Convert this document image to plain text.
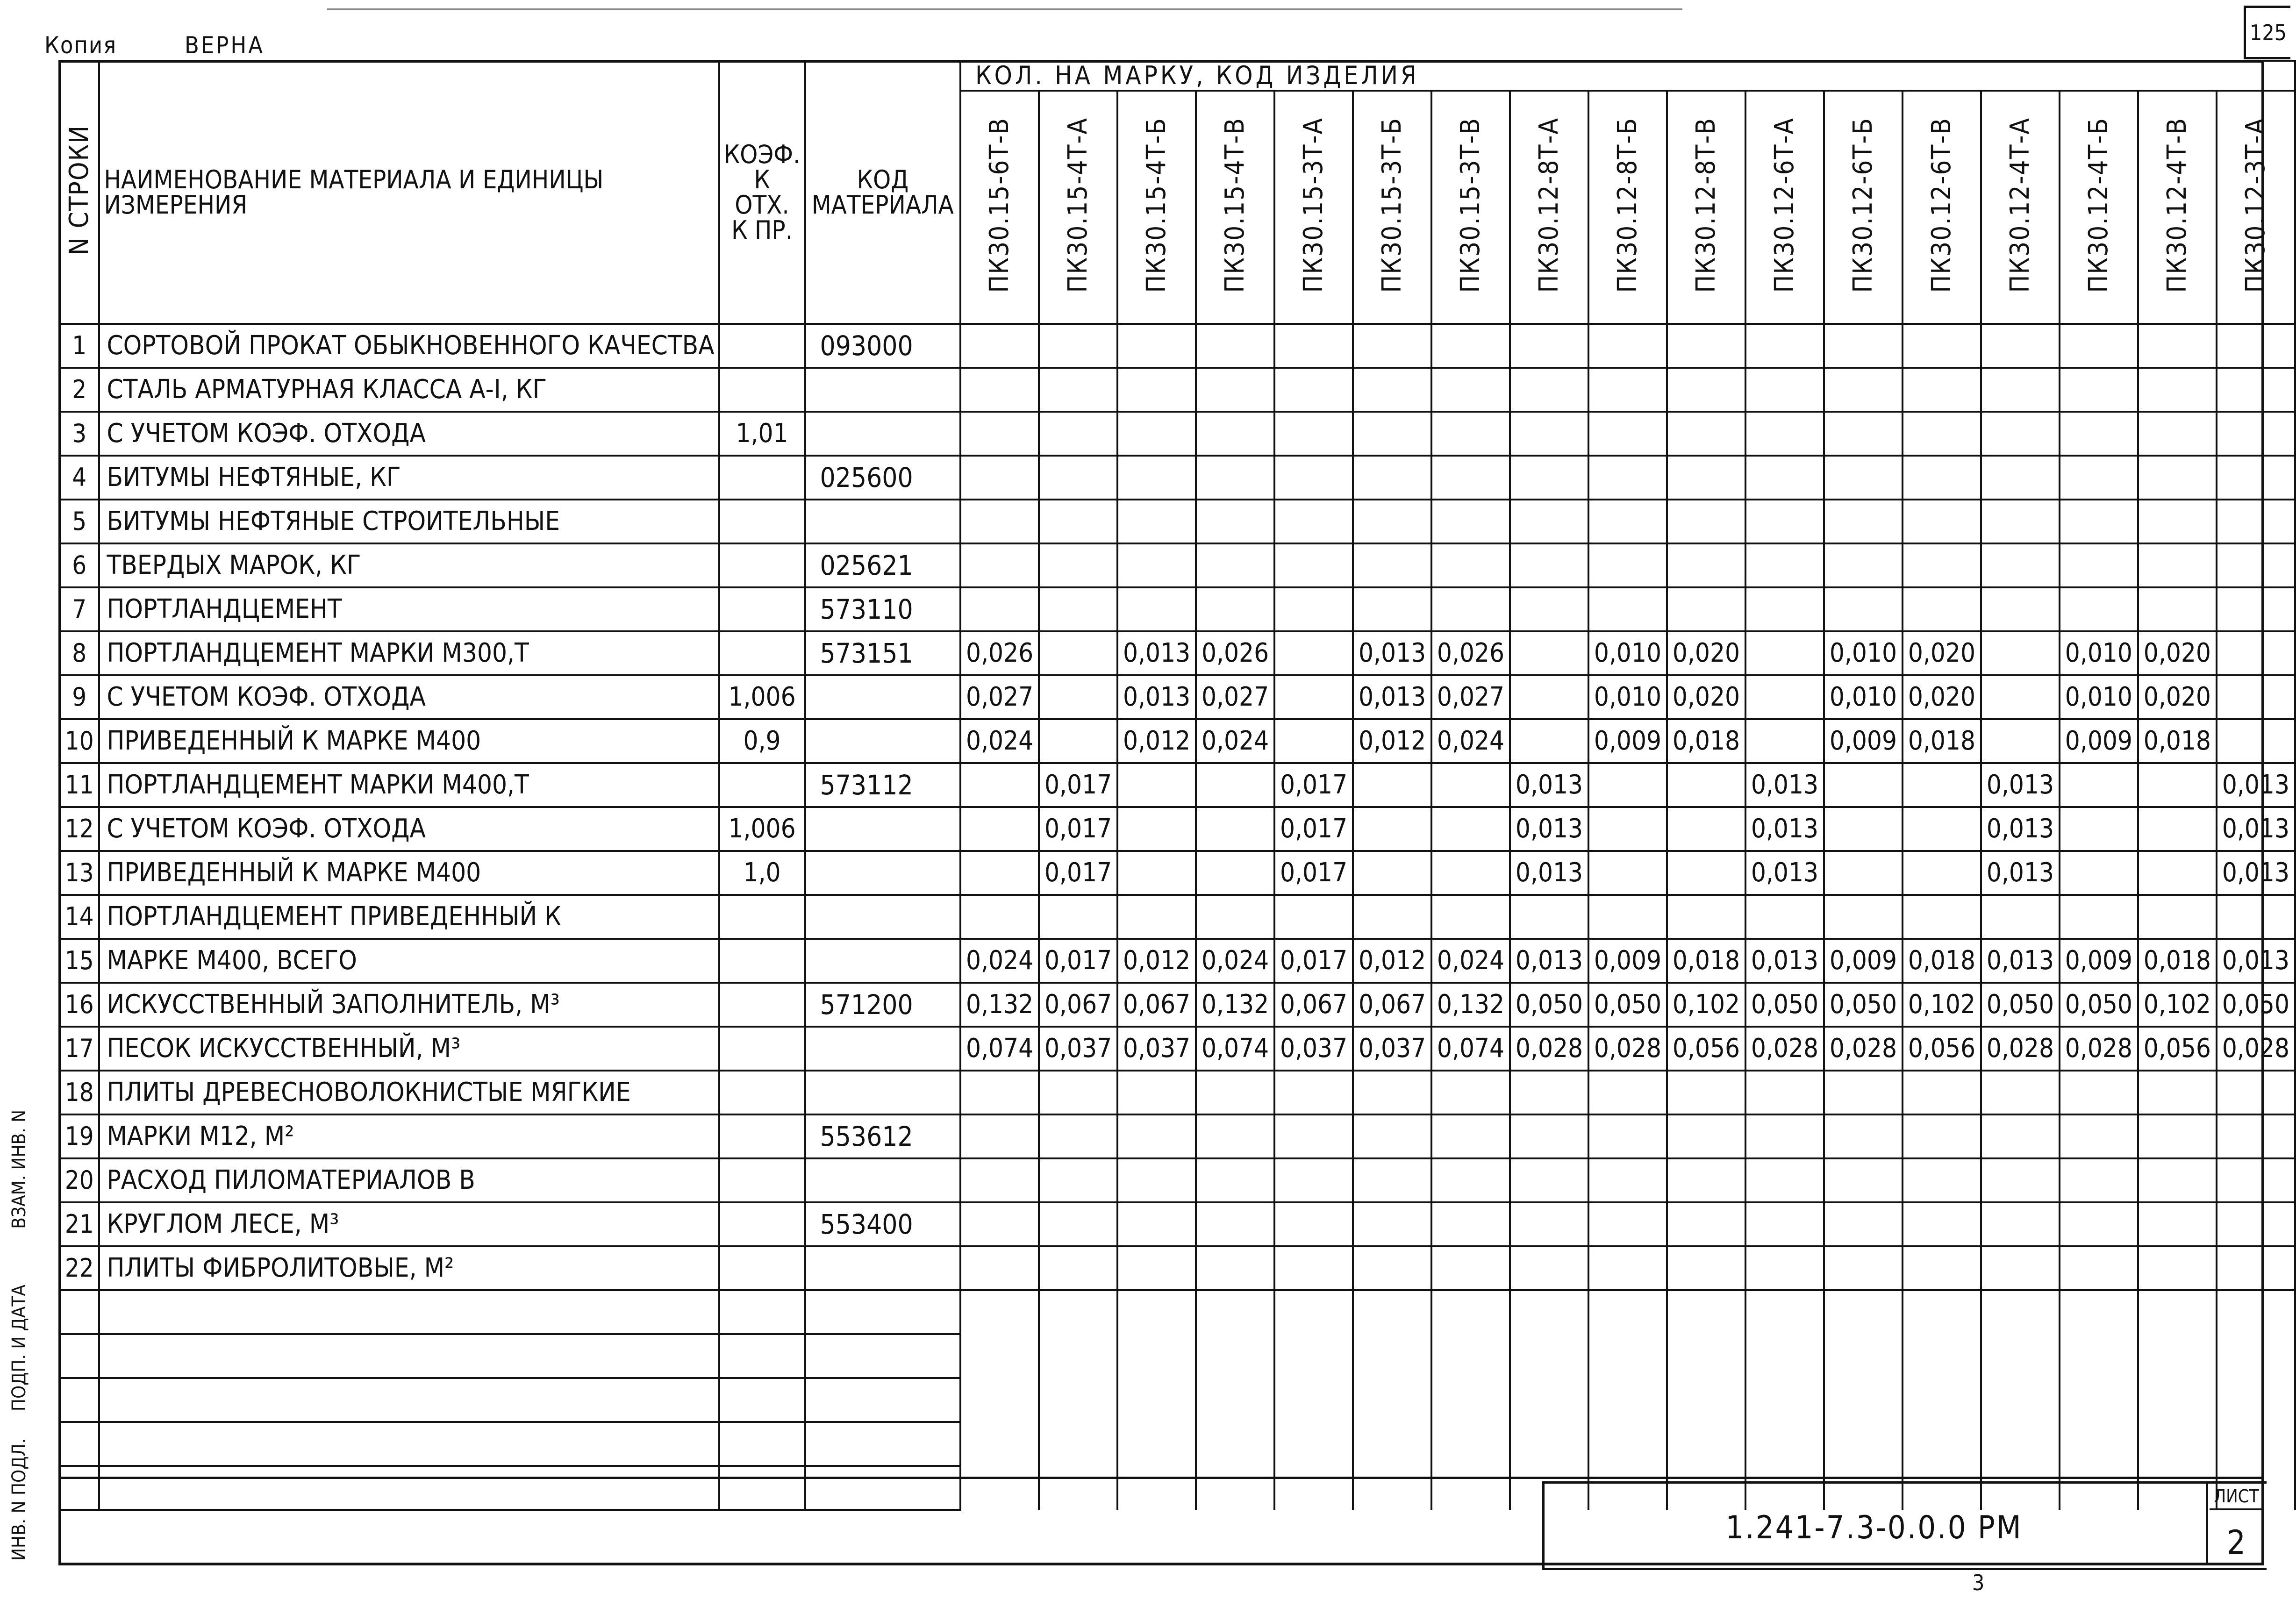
Копия	ВЕРНА	125
N СТРОКИ	НАИМЕНОВАНИЕ МАТЕРИАЛА И ЕДИНИЦЫ ИЗМЕРЕНИЯ	КОЭФ. К ОТХ. К ПР.	КОД МАТЕРИАЛА	КОЛ. НА МАРКУ, КОД ИЗДЕЛИЯ																
				ПК30.15-6Т-В	ПК30.15-4Т-А	ПК30.15-4Т-Б	ПК30.15-4Т-В	ПК30.15-3Т-А	ПК30.15-3Т-Б	ПК30.15-3Т-В	ПК30.12-8Т-А	ПК30.12-8Т-Б	ПК30.12-8Т-В	ПК30.12-6Т-А	ПК30.12-6Т-Б	ПК30.12-6Т-В	ПК30.12-4Т-А	ПК30.12-4Т-Б	ПК30.12-4Т-В	ПК30.12-3Т-А
1	СОРТОВОЙ ПРОКАТ ОБЫКНОВЕННОГО КАЧЕСТВА		093000																	
2	СТАЛЬ АРМАТУРНАЯ КЛАССА А-I, КГ																			
3	С УЧЕТОМ КОЭФ. ОТХОДА	1,01																		
4	БИТУМЫ НЕФТЯНЫЕ, КГ		025600																	
5	БИТУМЫ НЕФТЯНЫЕ СТРОИТЕЛЬНЫЕ																			
6	ТВЕРДЫХ МАРОК, КГ		025621																	
7	ПОРТЛАНДЦЕМЕНТ		573110																	
8	ПОРТЛАНДЦЕМЕНТ МАРКИ М300,Т		573151	0,026		0,013	0,026		0,013	0,026		0,010	0,020		0,010	0,020		0,010	0,020	
9	С УЧЕТОМ КОЭФ. ОТХОДА	1,006		0,027		0,013	0,027		0,013	0,027		0,010	0,020		0,010	0,020		0,010	0,020	
10	ПРИВЕДЕННЫЙ К МАРКЕ М400	0,9		0,024		0,012	0,024		0,012	0,024		0,009	0,018		0,009	0,018		0,009	0,018	
11	ПОРТЛАНДЦЕМЕНТ МАРКИ М400,Т		573112		0,017			0,017			0,013			0,013			0,013			0,013
12	С УЧЕТОМ КОЭФ. ОТХОДА	1,006			0,017			0,017			0,013			0,013			0,013			0,013
13	ПРИВЕДЕННЫЙ К МАРКЕ М400	1,0			0,017			0,017			0,013			0,013			0,013			0,013
14	ПОРТЛАНДЦЕМЕНТ ПРИВЕДЕННЫЙ К																			
15	МАРКЕ М400, ВСЕГО			0,024	0,017	0,012	0,024	0,017	0,012	0,024	0,013	0,009	0,018	0,013	0,009	0,018	0,013	0,009	0,018	0,013
16	ИСКУССТВЕННЫЙ ЗАПОЛНИТЕЛЬ, М³		571200	0,132	0,067	0,067	0,132	0,067	0,067	0,132	0,050	0,050	0,102	0,050	0,050	0,102	0,050	0,050	0,102	0,050
17	ПЕСОК ИСКУССТВЕННЫЙ, М³			0,074	0,037	0,037	0,074	0,037	0,037	0,074	0,028	0,028	0,056	0,028	0,028	0,056	0,028	0,028	0,056	0,028
18	ПЛИТЫ ДРЕВЕСНОВОЛОКНИСТЫЕ МЯГКИЕ																			
19	МАРКИ М12, М²		553612																	
20	РАСХОД ПИЛОМАТЕРИАЛОВ В																			
21	КРУГЛОМ ЛЕСЕ, М³		553400																	
22	ПЛИТЫ ФИБРОЛИТОВЫЕ, М²																			

1.241-7.3-0.0.0 РМ
ЛИСТ
2
ИНВ. N ПОДЛ.
ПОДП. И ДАТА
ВЗАМ. ИНВ. N
3
